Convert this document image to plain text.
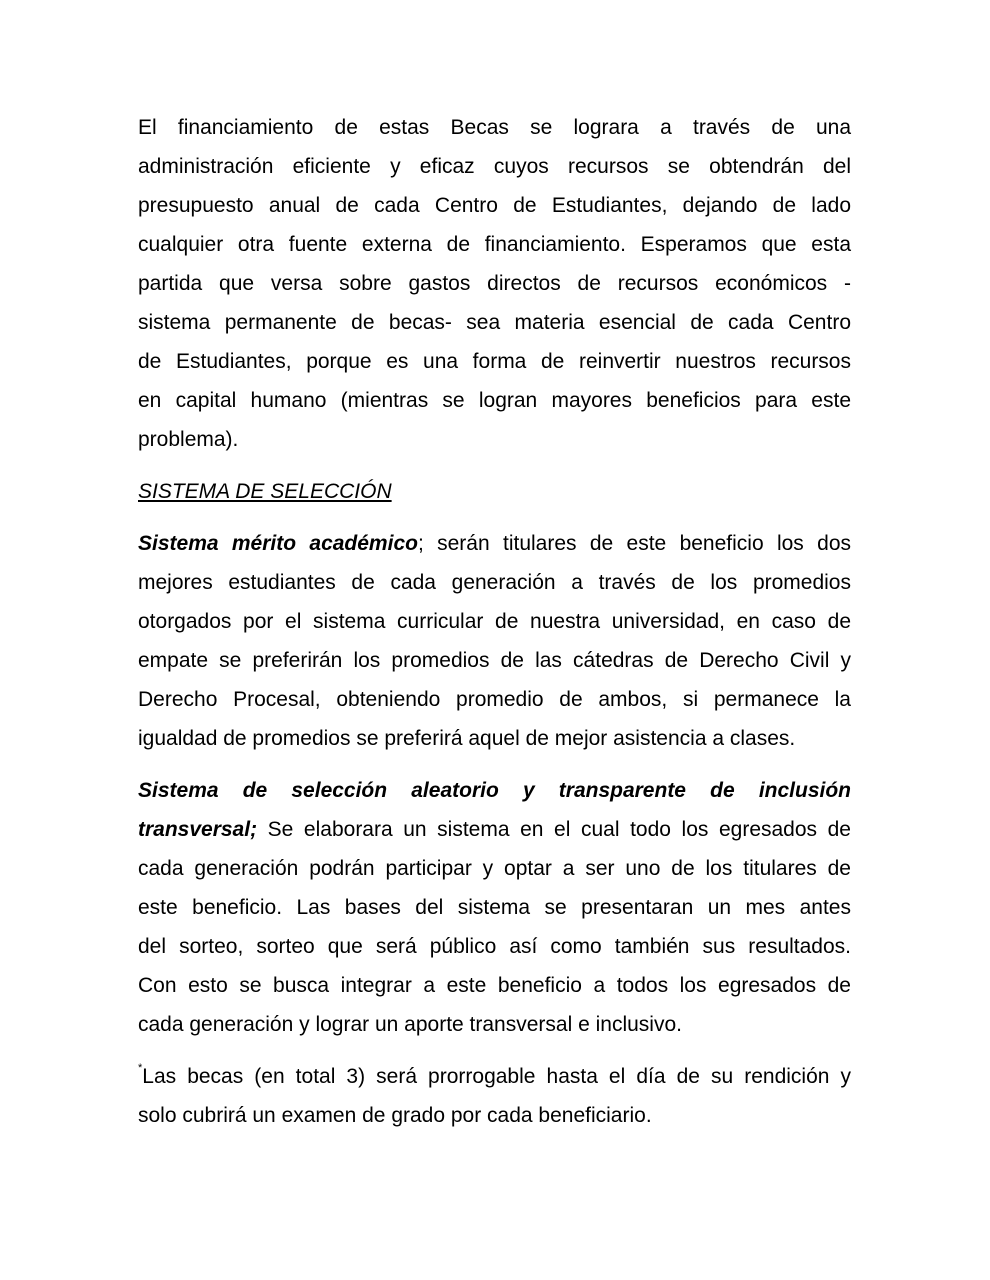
El financiamiento de estas Becas se lograra a través de una
administración eficiente y eficaz cuyos recursos se obtendrán del
presupuesto anual de cada Centro de Estudiantes, dejando de lado
cualquier otra fuente externa de financiamiento. Esperamos que esta
partida que versa sobre gastos directos de recursos económicos -
sistema permanente de becas- sea materia esencial de cada Centro
de Estudiantes, porque es una forma de reinvertir nuestros recursos
en capital humano (mientras se logran mayores beneficios para este
problema).
SISTEMA DE SELECCIÓN
Sistema mérito académico; serán titulares de este beneficio los dos
mejores estudiantes de cada generación a través de los promedios
otorgados por el sistema curricular de nuestra universidad, en caso de
empate se preferirán los promedios de las cátedras de Derecho Civil y
Derecho Procesal, obteniendo promedio de ambos, si permanece la
igualdad de promedios se preferirá aquel de mejor asistencia a clases.
Sistema de selección aleatorio y transparente de inclusión
transversal; Se elaborara un sistema en el cual todo los egresados de
cada generación podrán participar y optar a ser uno de los titulares de
este beneficio. Las bases del sistema se presentaran un mes antes
del sorteo, sorteo que será público así como también sus resultados.
Con esto se busca integrar a este beneficio a todos los egresados de
cada generación y lograr un aporte transversal e inclusivo.
*Las becas (en total 3) será prorrogable hasta el día de su rendición y
solo cubrirá un examen de grado por cada beneficiario.
